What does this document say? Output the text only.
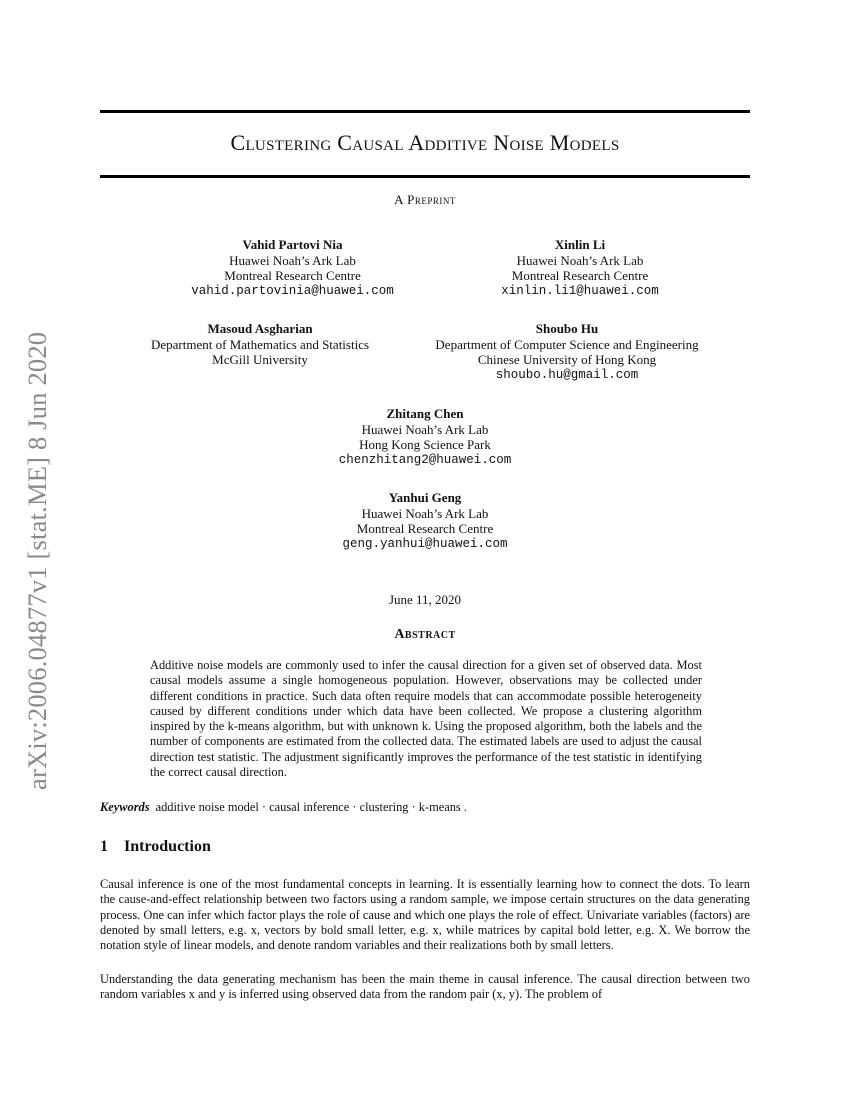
Clustering Causal Additive Noise Models
A Preprint
Vahid Partovi Nia
Huawei Noah’s Ark Lab
Montreal Research Centre
vahid.partovinia@huawei.com
Xinlin Li
Huawei Noah’s Ark Lab
Montreal Research Centre
xinlin.li1@huawei.com
Masoud Asgharian
Department of Mathematics and Statistics
McGill University
Shoubo Hu
Department of Computer Science and Engineering
Chinese University of Hong Kong
shoubo.hu@gmail.com
Zhitang Chen
Huawei Noah’s Ark Lab
Hong Kong Science Park
chenzhitang2@huawei.com
Yanhui Geng
Huawei Noah’s Ark Lab
Montreal Research Centre
geng.yanhui@huawei.com
June 11, 2020
Abstract
Additive noise models are commonly used to infer the causal direction for a given set of observed data. Most causal models assume a single homogeneous population. However, observations may be collected under different conditions in practice. Such data often require models that can accommodate possible heterogeneity caused by different conditions under which data have been collected. We propose a clustering algorithm inspired by the k-means algorithm, but with unknown k. Using the proposed algorithm, both the labels and the number of components are estimated from the collected data. The estimated labels are used to adjust the causal direction test statistic. The adjustment significantly improves the performance of the test statistic in identifying the correct causal direction.
Keywords additive noise model · causal inference · clustering · k-means .
1 Introduction
Causal inference is one of the most fundamental concepts in learning. It is essentially learning how to connect the dots. To learn the cause-and-effect relationship between two factors using a random sample, we impose certain structures on the data generating process. One can infer which factor plays the role of cause and which one plays the role of effect. Univariate variables (factors) are denoted by small letters, e.g. x, vectors by bold small letter, e.g. x, while matrices by capital bold letter, e.g. X. We borrow the notation style of linear models, and denote random variables and their realizations both by small letters.
Understanding the data generating mechanism has been the main theme in causal inference. The causal direction between two random variables x and y is inferred using observed data from the random pair (x, y). The problem of
arXiv:2006.04877v1 [stat.ME] 8 Jun 2020
